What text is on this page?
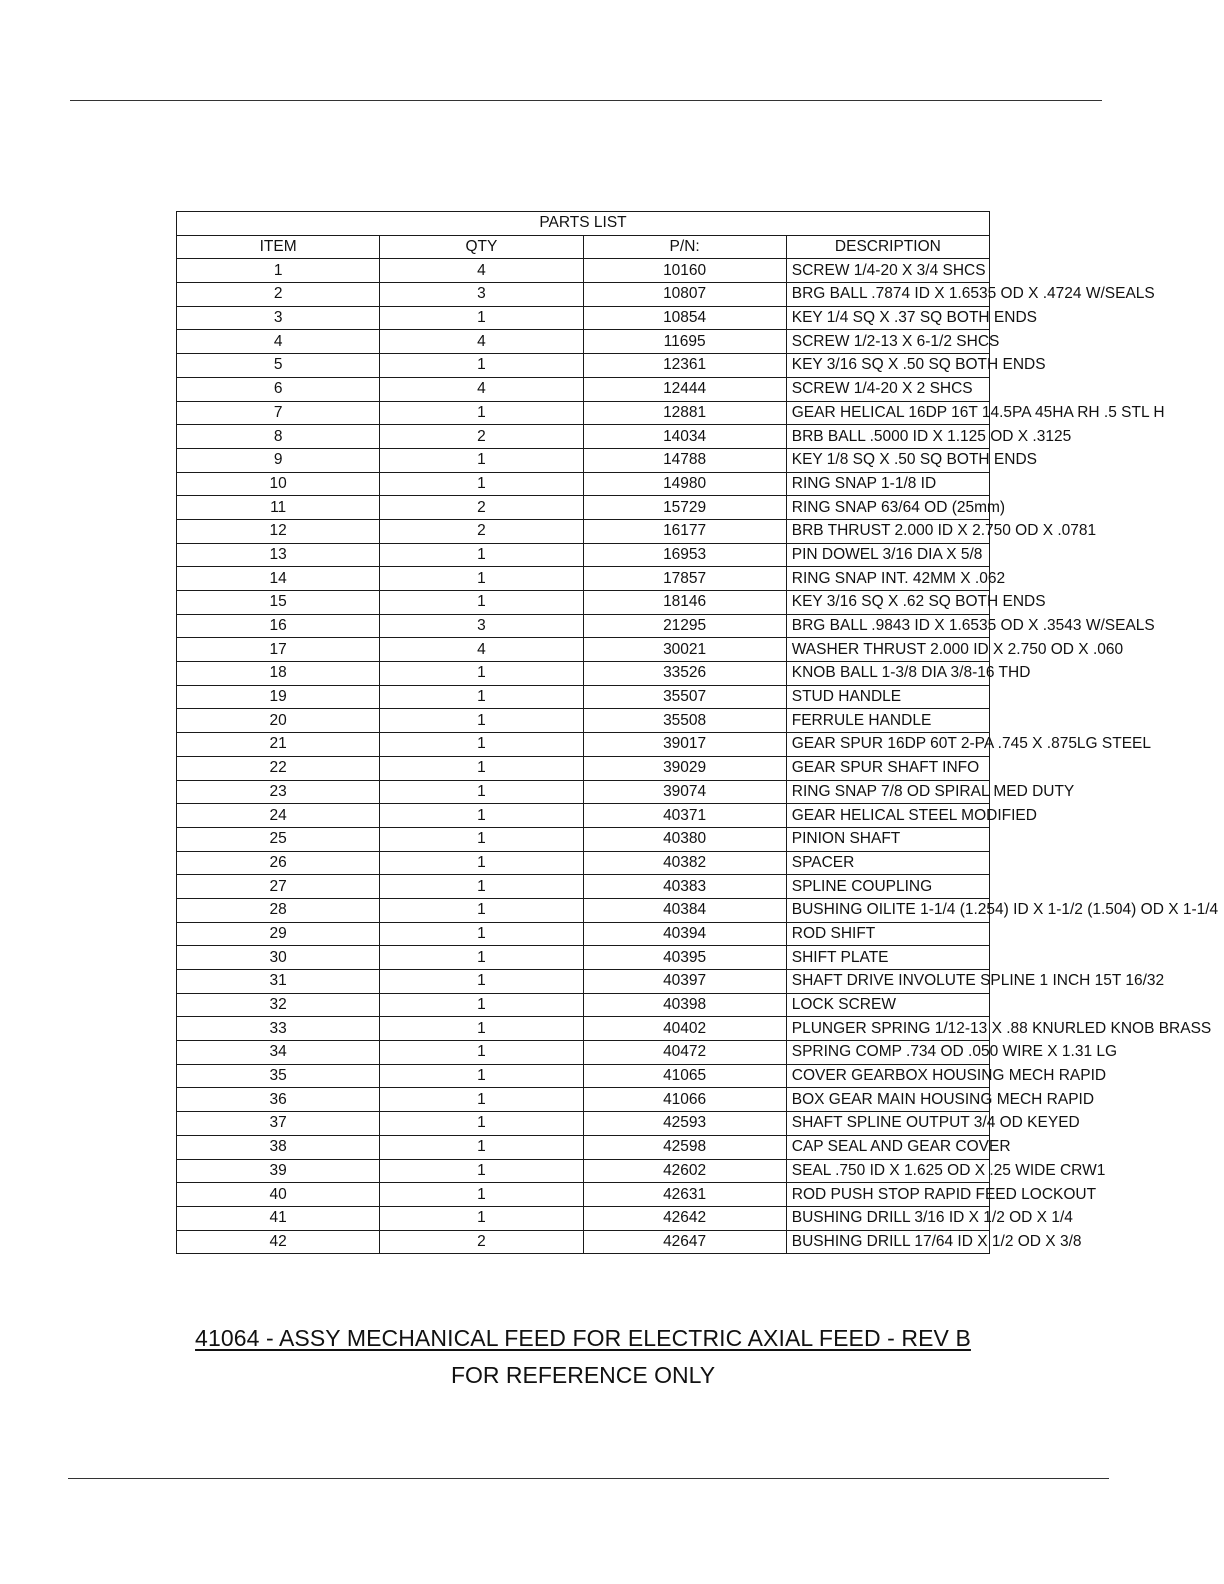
PARTS LIST			
ITEM	QTY	P/N:	DESCRIPTION
1	4	10160	SCREW 1/4-20 X 3/4 SHCS
2	3	10807	BRG BALL .7874 ID X 1.6535 OD X .4724 W/SEALS
3	1	10854	KEY 1/4 SQ X .37 SQ BOTH ENDS
4	4	11695	SCREW 1/2-13 X 6-1/2 SHCS
5	1	12361	KEY 3/16 SQ X .50 SQ BOTH ENDS
6	4	12444	SCREW 1/4-20 X 2 SHCS
7	1	12881	GEAR HELICAL 16DP 16T 14.5PA 45HA RH .5 STL H
8	2	14034	BRB BALL .5000 ID X 1.125 OD X .3125
9	1	14788	KEY 1/8 SQ X .50 SQ BOTH ENDS
10	1	14980	RING SNAP 1-1/8 ID
11	2	15729	RING SNAP 63/64 OD (25mm)
12	2	16177	BRB THRUST 2.000 ID X 2.750 OD X .0781
13	1	16953	PIN DOWEL 3/16 DIA X 5/8
14	1	17857	RING SNAP INT. 42MM X .062
15	1	18146	KEY 3/16 SQ X .62 SQ BOTH ENDS
16	3	21295	BRG BALL .9843 ID X 1.6535 OD X .3543 W/SEALS
17	4	30021	WASHER THRUST 2.000 ID X 2.750 OD X .060
18	1	33526	KNOB BALL 1-3/8 DIA 3/8-16 THD
19	1	35507	STUD HANDLE
20	1	35508	FERRULE HANDLE
21	1	39017	GEAR SPUR 16DP 60T 2-PA .745 X .875LG STEEL
22	1	39029	GEAR SPUR SHAFT INFO
23	1	39074	RING SNAP 7/8 OD SPIRAL MED DUTY
24	1	40371	GEAR HELICAL STEEL MODIFIED
25	1	40380	PINION SHAFT
26	1	40382	SPACER
27	1	40383	SPLINE COUPLING
28	1	40384	BUSHING OILITE 1-1/4 (1.254) ID X 1-1/2 (1.504) OD X 1-1/4
29	1	40394	ROD SHIFT
30	1	40395	SHIFT PLATE
31	1	40397	SHAFT DRIVE INVOLUTE SPLINE 1 INCH 15T 16/32
32	1	40398	LOCK SCREW
33	1	40402	PLUNGER SPRING 1/12-13 X .88 KNURLED KNOB BRASS
34	1	40472	SPRING COMP .734 OD .050 WIRE X 1.31 LG
35	1	41065	COVER GEARBOX HOUSING MECH RAPID
36	1	41066	BOX GEAR MAIN HOUSING MECH RAPID
37	1	42593	SHAFT SPLINE OUTPUT 3/4 OD KEYED
38	1	42598	CAP SEAL AND GEAR COVER
39	1	42602	SEAL .750 ID X 1.625 OD X .25 WIDE CRW1
40	1	42631	ROD PUSH STOP RAPID FEED LOCKOUT
41	1	42642	BUSHING DRILL 3/16 ID X 1/2 OD X 1/4
42	2	42647	BUSHING DRILL 17/64 ID X 1/2 OD X 3/8
41064 - ASSY MECHANICAL FEED FOR ELECTRIC AXIAL FEED - REV B
FOR REFERENCE ONLY
